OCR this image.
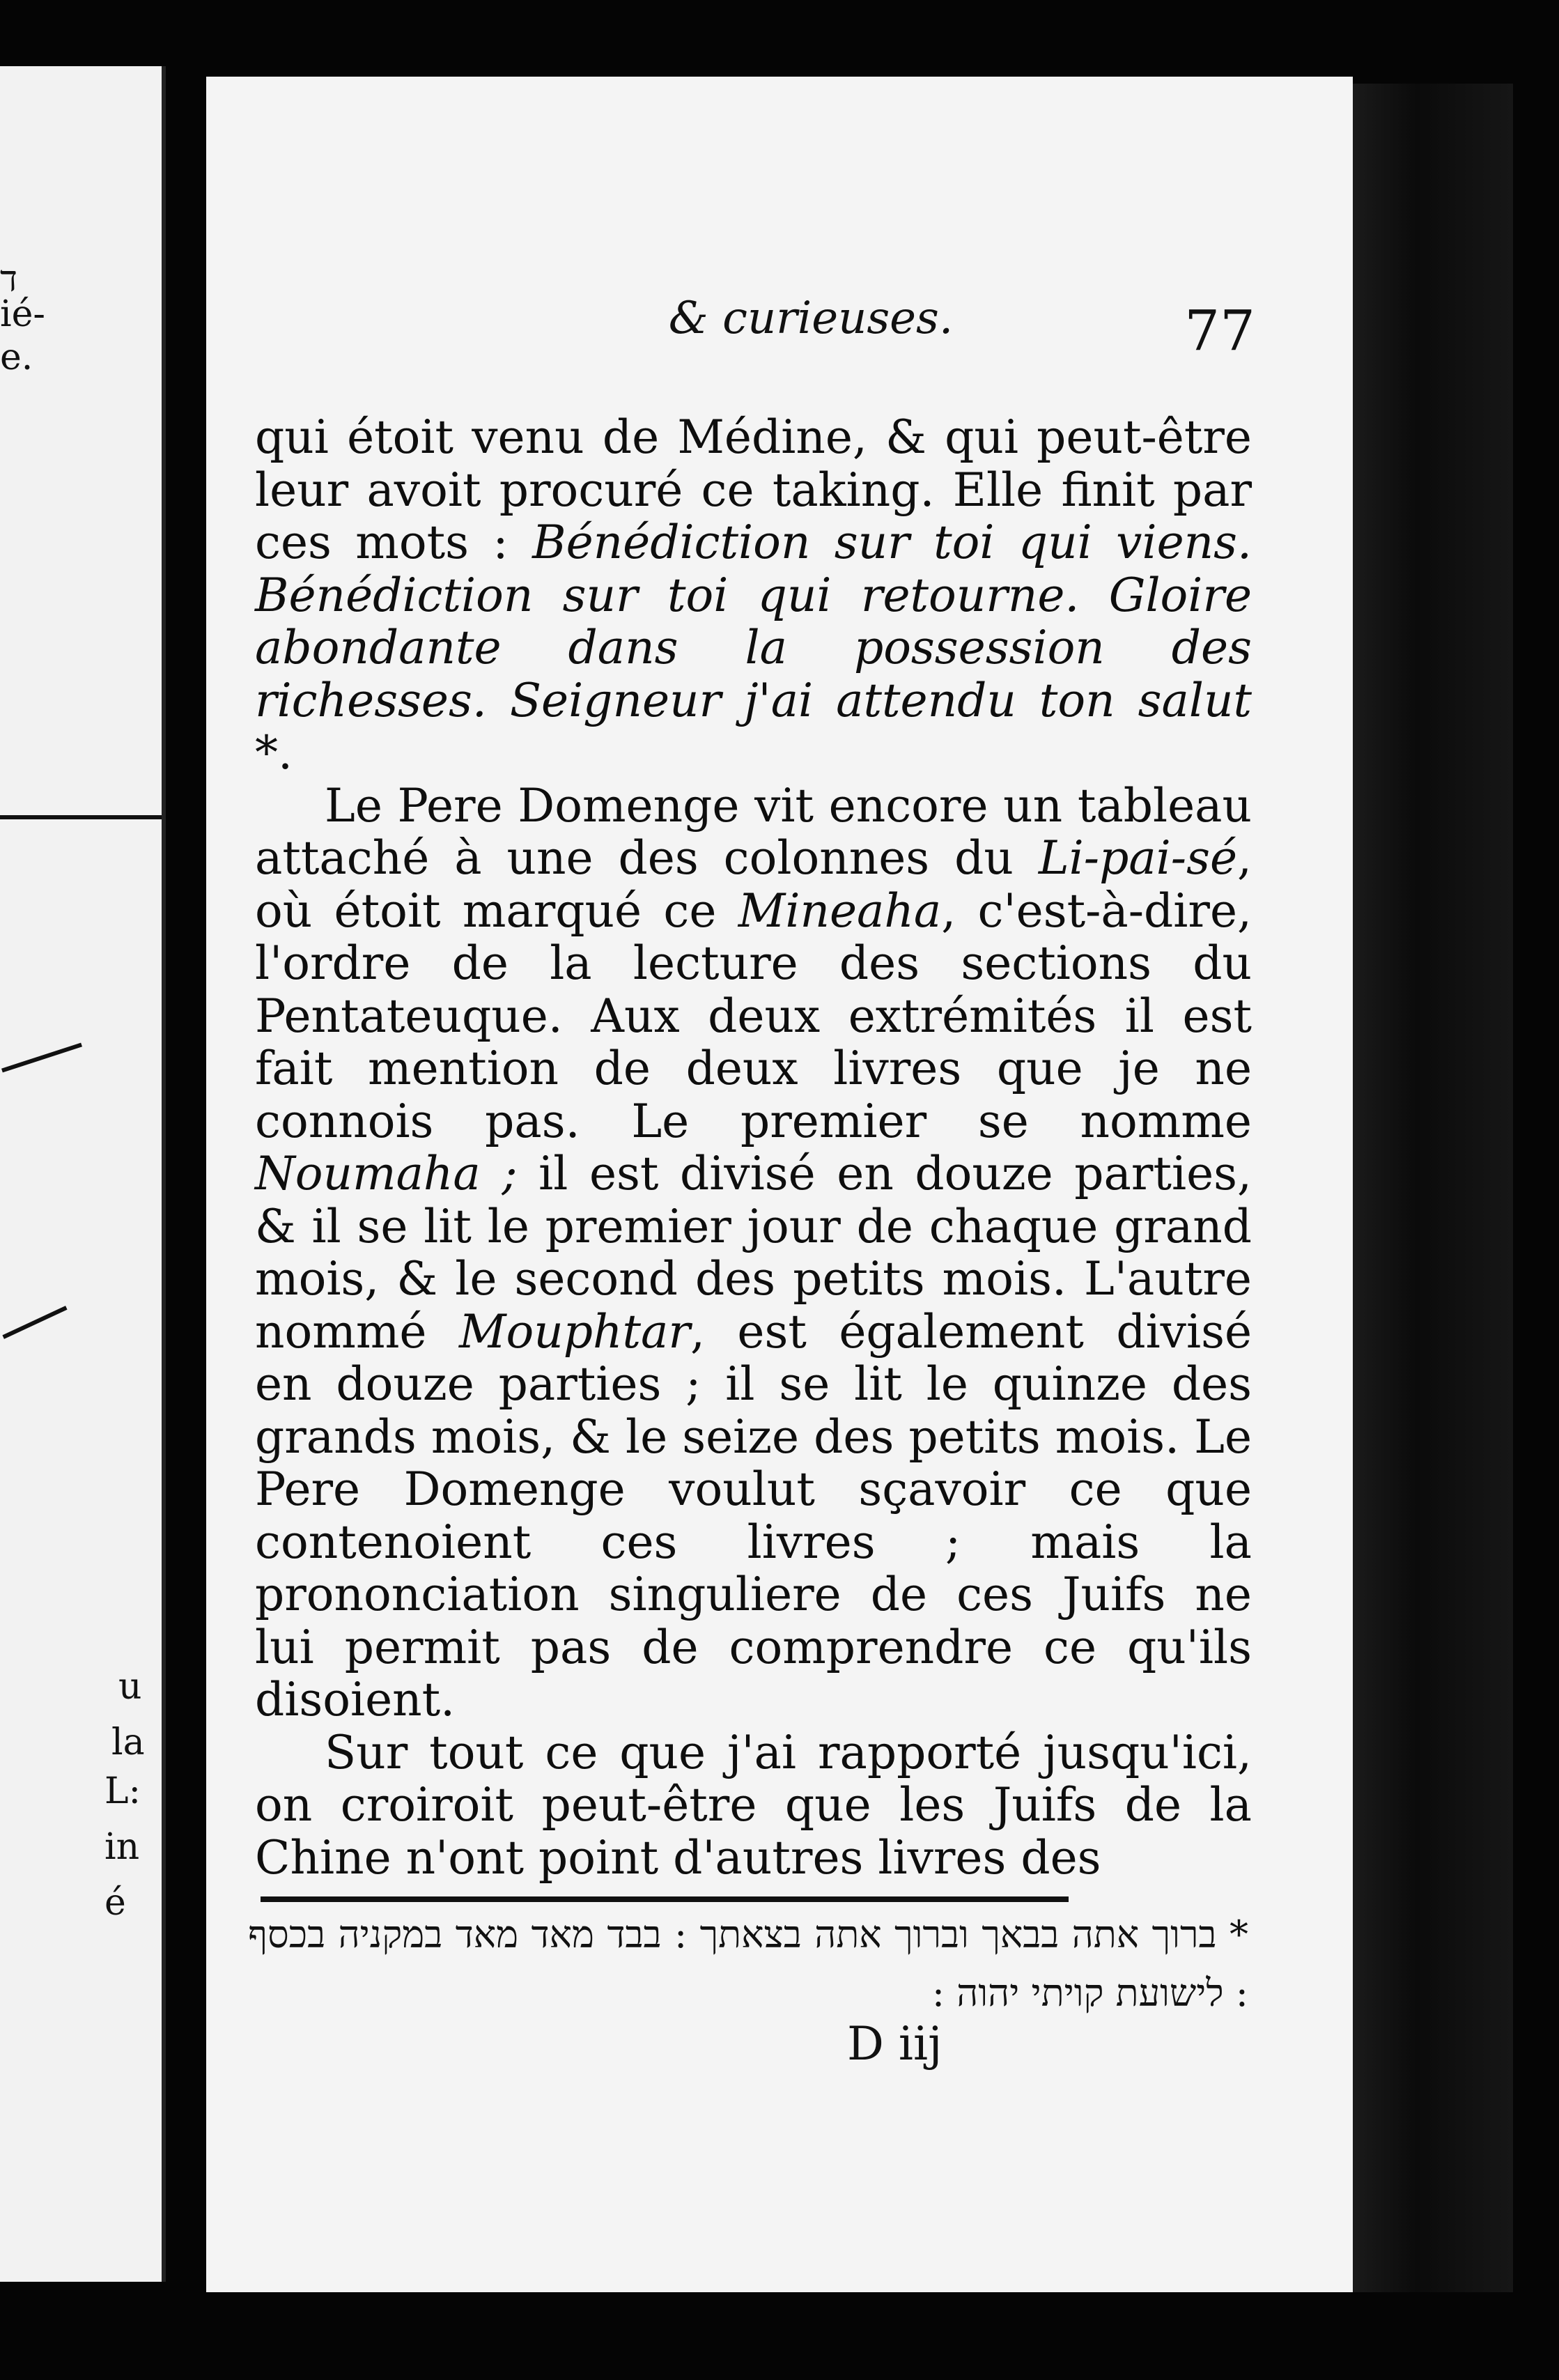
ד
ié-
e.
u
la
L:
in
é
& curieuses.	77

qui étoit venu de Médine, & qui peut-être leur avoit procuré ce taking. Elle finit par ces mots : Bénédiction sur toi qui viens. Bénédiction sur toi qui retourne. Gloire abondante dans la possession des richesses. Seigneur j'ai attendu ton salut *.

Le Pere Domenge vit encore un tableau attaché à une des colonnes du Li-pai-sé, où étoit marqué ce Mineaha, c'est-à-dire, l'ordre de la lecture des sections du Pentateuque. Aux deux extrémités il est fait mention de deux livres que je ne connois pas. Le premier se nomme Noumaha ; il est divisé en douze parties, & il se lit le premier jour de chaque grand mois, & le second des petits mois. L'autre nommé Mouphtar, est également divisé en douze parties ; il se lit le quinze des grands mois, & le seize des petits mois. Le Pere Domenge voulut sçavoir ce que contenoient ces livres ; mais la prononciation singuliere de ces Juifs ne lui permit pas de comprendre ce qu'ils disoient.

Sur tout ce que j'ai rapporté jusqu'ici, on croiroit peut-être que les Juifs de la Chine n'ont point d'autres livres des

* ברוך אתה בבאך וברוך אתה בצאתך : בבד מאד מאד במקניה בכסף : לישועת קויתי יהוה :
D iij
